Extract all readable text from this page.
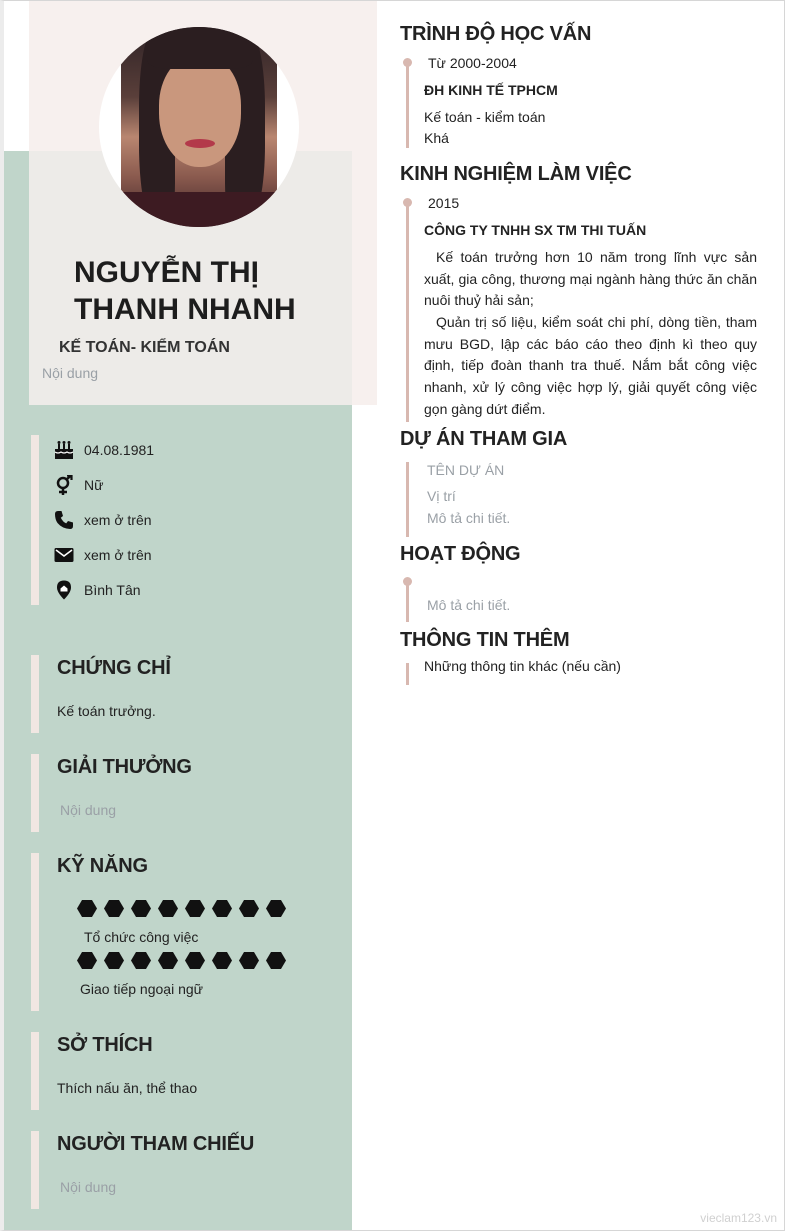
NGUYỄN THỊ THANH NHANH
KẾ TOÁN- KIỂM TOÁN
Nội dung
04.08.1981
Nữ
xem ở trên
xem ở trên
Bình Tân
CHỨNG CHỈ
Kế toán trưởng.
GIẢI THƯỞNG
Nội dung
KỸ NĂNG
Tổ chức công việc
Giao tiếp ngoại ngữ
SỞ THÍCH
Thích nấu ăn, thể thao
NGƯỜI THAM CHIẾU
Nội dung
TRÌNH ĐỘ HỌC VẤN
Từ 2000-2004
ĐH KINH TẾ TPHCM
Kế toán - kiểm toán
Khá
KINH NGHIỆM LÀM VIỆC
2015
CÔNG TY TNHH SX TM THI TUẤN
Kế toán trưởng hơn 10 năm trong lĩnh vực sản xuất, gia công, thương mại ngành hàng thức ăn chăn nuôi thuỷ hải sản;
Quản trị số liệu, kiểm soát chi phí, dòng tiền, tham mưu BGD, lập các báo cáo theo định kì theo quy định, tiếp đoàn thanh tra thuế. Nắm bắt công việc nhanh, xử lý công việc hợp lý, giải quyết công việc gọn gàng dứt điểm.
DỰ ÁN THAM GIA
TÊN DỰ ÁN
Vị trí
Mô tả chi tiết.
HOẠT ĐỘNG
Mô tả chi tiết.
THÔNG TIN THÊM
Những thông tin khác (nếu cần)
vieclam123.vn
